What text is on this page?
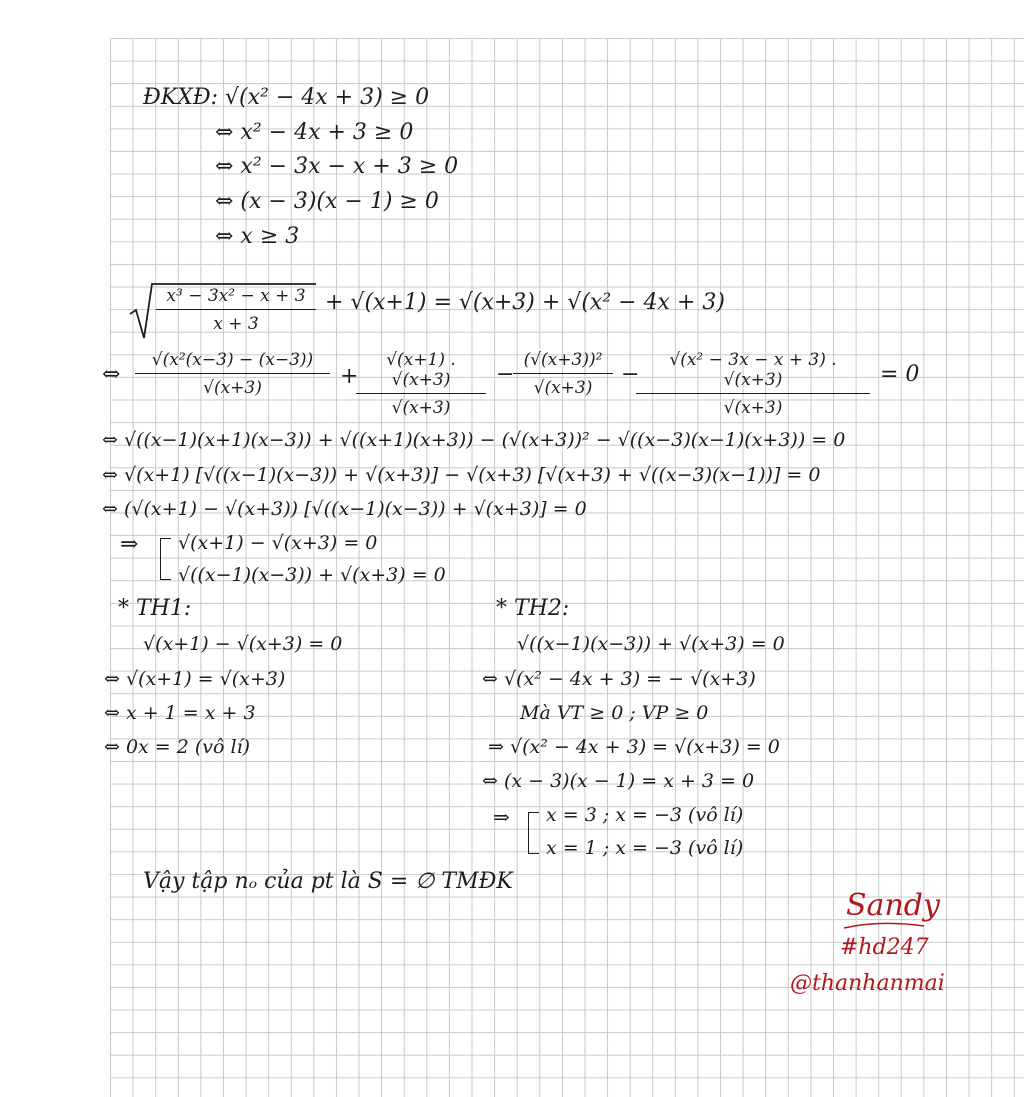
ĐKXĐ: √(x² − 4x + 3) ≥ 0
⇔ x² − 4x + 3 ≥ 0
⇔ x² − 3x − x + 3 ≥ 0
⇔ (x − 3)(x − 1) ≥ 0
⇔ x ≥ 3
$\frac{\text{x³ − 3x² − x + 3}}{x + 3} + √(x+1) = √(x+3) + √(x^2 - 4x + 3)$
⇔ $\frac{\text{√(x²(x−3) − (x−3))}}{√(x+3)}$ +
$\frac{√(x+1) . √(x+3)}{√(x+3)}$ −
$\frac{\text{(√(x+3))²}}{√(x+3)}$ −
$\frac{\text{√(x² − 3x − x + 3) . √(x+3)}}{√(x+3)} = 0$
⇔ √((x−1)(x+1)(x−3)) + √((x+1)(x+3)) − (√(x+3))² − √((x−3)(x−1)(x+3)) = 0
⇔ √(x+1) [√((x−1)(x−3)) + √(x+3)] − √(x+3) [√(x+3) + √((x−3)(x−1))] = 0
⇔ (√(x+1) − √(x+3)) [√((x−1)(x−3)) + √(x+3)] = 0
⇒ √(x+1) − √(x+3) = 0
√((x−1)(x−3)) + √(x+3) = 0
* TH1:
√(x+1) − √(x+3) = 0
⇔ √(x+1) = √(x+3)
⇔ x + 1 = x + 3
⇔ 0x = 2 (vô lí)
* TH2:
√((x−1)(x−3)) + √(x+3) = 0
⇔ √(x² − 4x + 3) = − √(x+3)
Mà VT ≥ 0 ; VP ≥ 0
⇒ √(x² − 4x + 3) = √(x+3) = 0
⇔ (x − 3)(x − 1) = x + 3 = 0
⇒ x = 3 ; x = −3 (vô lí)
x = 1 ; x = −3 (vô lí)
Vậy tập nₒ của pt là S = ∅ TMĐK
Sandy
#hd247
@thanhanmai
